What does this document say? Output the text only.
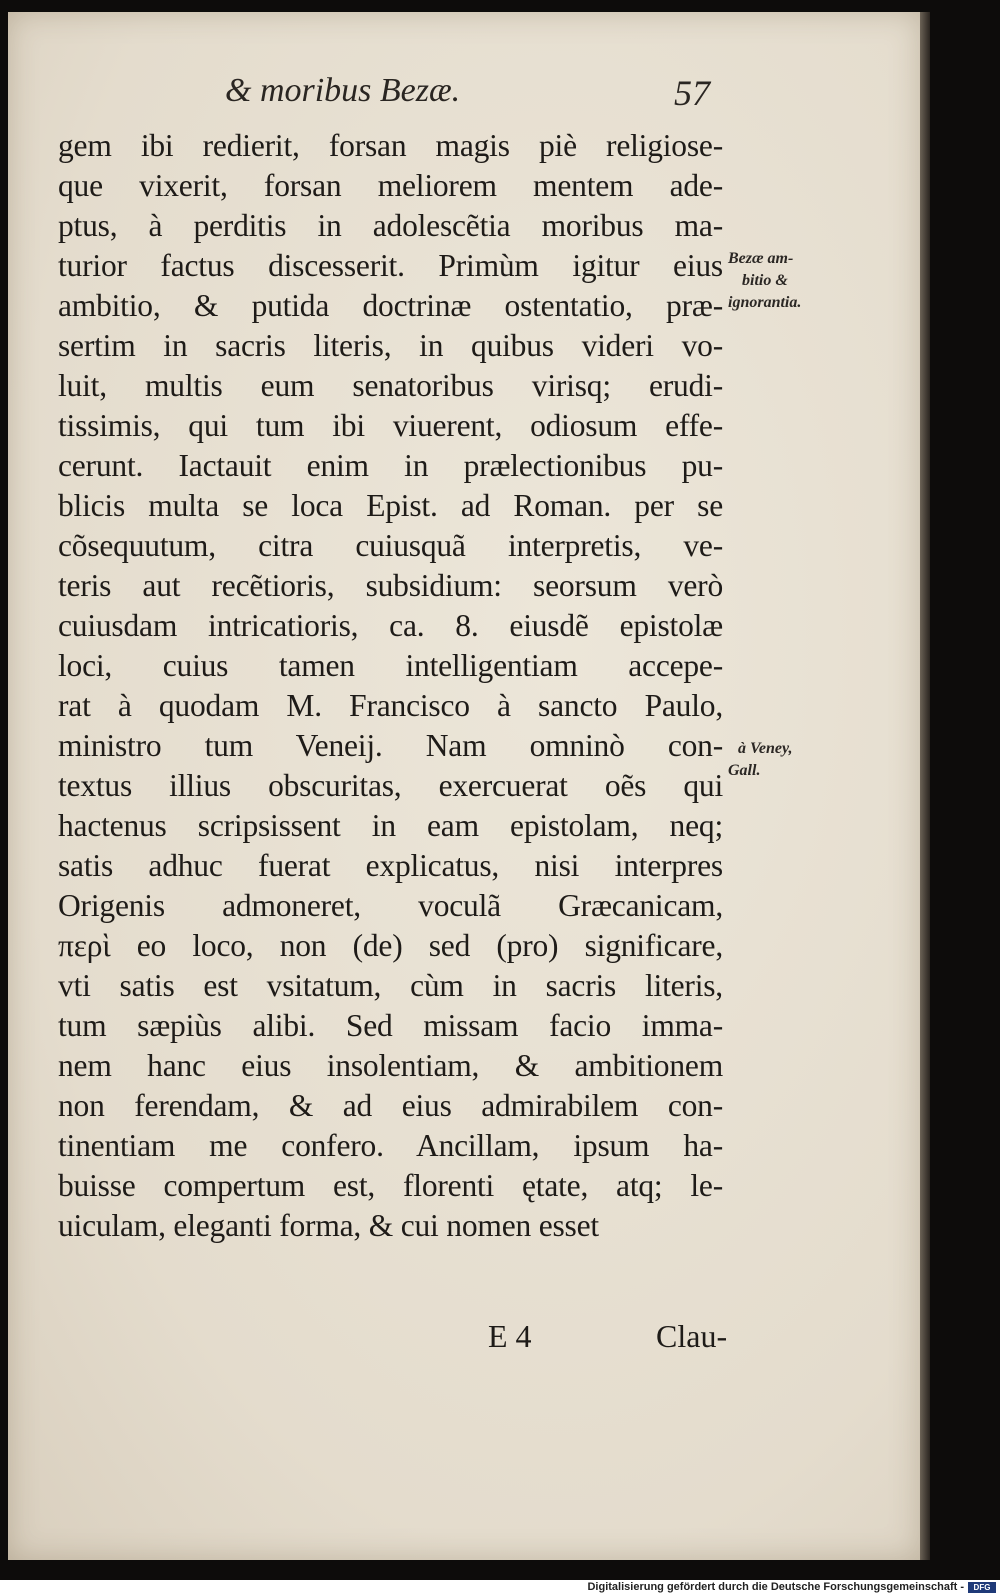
& moribus Bezæ.	57
gem ibi redierit, forsan magis piè religiose-
que vixerit, forsan meliorem mentem ade-
ptus, à perditis in adolescẽtia moribus ma-
turior factus discesserit. Primùm igitur eius
ambitio, & putida doctrinæ ostentatio, præ-
sertim in sacris literis, in quibus videri vo-
luit, multis eum senatoribus virisq; erudi-
tissimis, qui tum ibi viuerent, odiosum effe-
cerunt. Iactauit enim in prælectionibus pu-
blicis multa se loca Epist. ad Roman. per se
cõsequutum, citra cuiusquã interpretis, ve-
teris aut recẽtioris, subsidium: seorsum verò
cuiusdam intricatioris, ca. 8. eiusdẽ epistolæ
loci, cuius tamen intelligentiam accepe-
rat à quodam M. Francisco à sancto Paulo,
ministro tum Veneij. Nam omninò con-
textus illius obscuritas, exercuerat oẽs qui
hactenus scripsissent in eam epistolam, neq;
satis adhuc fuerat explicatus, nisi interpres
Origenis admoneret, voculã Græcanicam,
περὶ eo loco, non (de) sed (pro) significare,
vti satis est vsitatum, cùm in sacris literis,
tum sæpiùs alibi. Sed missam facio imma-
nem hanc eius insolentiam, & ambitionem
non ferendam, & ad eius admirabilem con-
tinentiam me confero. Ancillam, ipsum ha-
buisse compertum est, florenti ętate, atq; le-
uiculam, eleganti forma, & cui nomen esset
Bezæ am-
bitio &
ignorantia.
à Veney,
Gall.
E 4	Clau-
Digitalisierung gefördert durch die Deutsche Forschungsgemeinschaft -	DFG
